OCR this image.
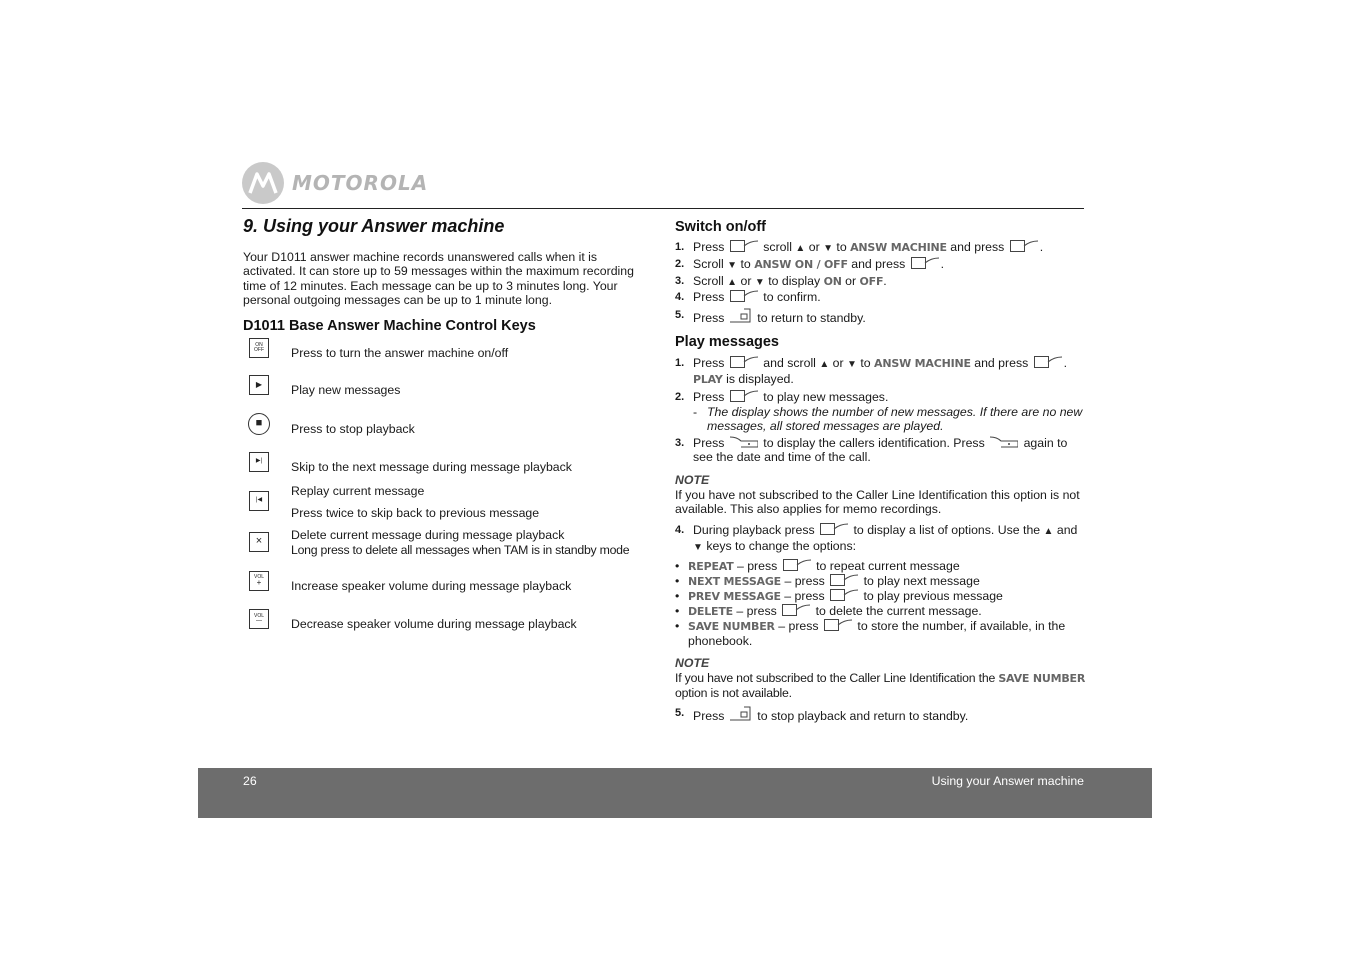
MOTOROLA
9. Using your Answer machine

Your D1011 answer machine records unanswered calls when it is activated. It can store up to 59 messages within the maximum recording time of 12 minutes. Each message can be up to 3 minutes long. Your personal outgoing messages can be up to 1 minute long.

D1011 Base Answer Machine Control Keys
ON
OFF Press to turn the answer machine on/off
▶ Play new messages
■ Press to stop playback
▶| Skip to the next message during message playback
|◀
Replay current message
Press twice to skip back to previous message
× Delete current message during message playback
Long press to delete all messages when TAM is in standby mode
VOL
+ Increase speaker volume during message playback
VOL
— Decrease speaker volume during message playback
Switch on/off
1. Press	scroll ▲ or ▼ to ANSW MACHINE and press	.
2. Scroll ▼ to ANSW ON / OFF and press	.
3. Scroll ▲ or ▼ to display ON or OFF.
4. Press	to confirm.
5. Press	to return to standby.
Play messages
1. Press	and scroll ▲ or ▼ to ANSW MACHINE and press	. PLAY is displayed.
2. Press	to play new messages.
- The display shows the number of new messages. If there are no new messages, all stored messages are played.
3. Press	to display the callers identification. Press	again to see the date and time of the call.
NOTE
If you have not subscribed to the Caller Line Identification this option is not available. This also applies for memo recordings.
4. During playback press	to display a list of options. Use the ▲ and ▼ keys to change the options:
• REPEAT – press	to repeat current message
• NEXT MESSAGE – press	to play next message
• PREV MESSAGE – press	to play previous message
• DELETE – press	to delete the current message.
• SAVE NUMBER – press	to store the number, if available, in the phonebook.
NOTE
If you have not subscribed to the Caller Line Identification the SAVE NUMBER option is not available.
5. Press	to stop playback and return to standby.
26	Using your Answer machine
